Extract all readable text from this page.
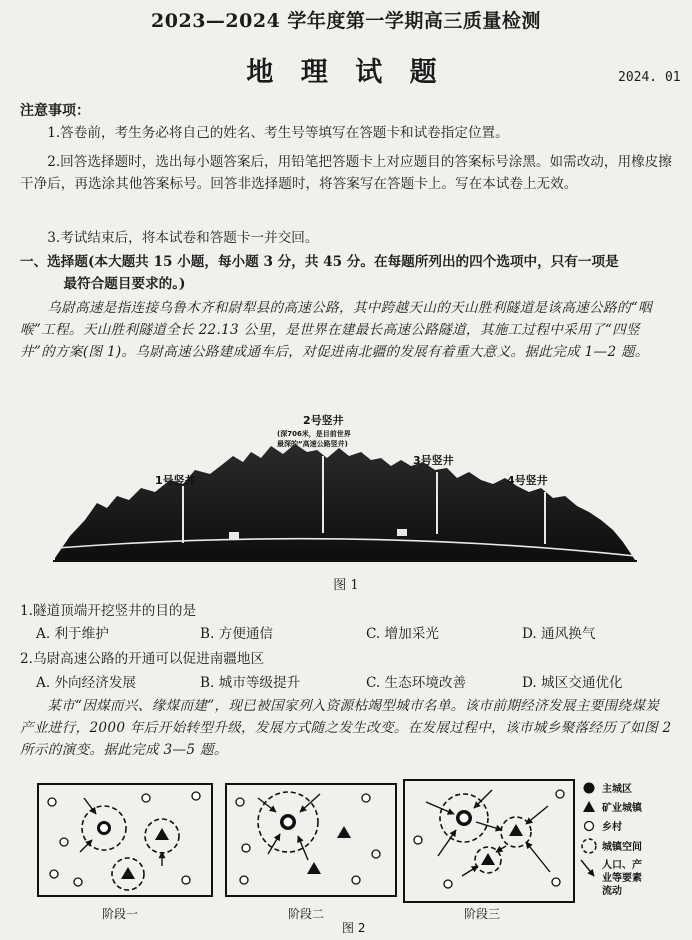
2023—2024 学年度第一学期高三质量检测
地 理 试 题	2024. 01
注意事项：
1.答卷前，考生务必将自己的姓名、考生号等填写在答题卡和试卷指定位置。
2.回答选择题时，选出每小题答案后，用铅笔把答题卡上对应题目的答案标号涂黑。如需改动，用橡皮擦干净后，再选涂其他答案标号。回答非选择题时，将答案写在答题卡上。写在本试卷上无效。
3.考试结束后，将本试卷和答题卡一并交回。
一、选择题(本大题共 15 小题，每小题 3 分，共 45 分。在每题所列出的四个选项中，只有一项是
最符合题目要求的。)
乌尉高速是指连接乌鲁木齐和尉犁县的高速公路，其中跨越天山的天山胜利隧道是该高速公路的“咽喉”工程。天山胜利隧道全长 22.13 公里，是世界在建最长高速公路隧道，其施工过程中采用了“四竖井”的方案(图 1)。乌尉高速公路建成通车后，对促进南北疆的发展有着重大意义。据此完成 1—2 题。
1号竖井
2号竖井
(深706米，是目前世界
最深的“高速公路竖井)
3号竖井
4号竖井
图 1
1.隧道顶端开挖竖井的目的是
A. 利于维护	B. 方便通信	C. 增加采光	D. 通风换气
2.乌尉高速公路的开通可以促进南疆地区
A. 外向经济发展	B. 城市等级提升	C. 生态环境改善	D. 城区交通优化
某市“因煤而兴、缘煤而建”，现已被国家列入资源枯竭型城市名单。该市前期经济发展主要围绕煤炭产业进行，2000 年后开始转型升级，发展方式随之发生改变。在发展过程中，该市城乡聚落经历了如图 2 所示的演变。据此完成 3—5 题。
阶段一	阶段二	阶段三
主城区
矿业城镇
乡村
城镇空间
人口、产
业等要素
流动
图 2
